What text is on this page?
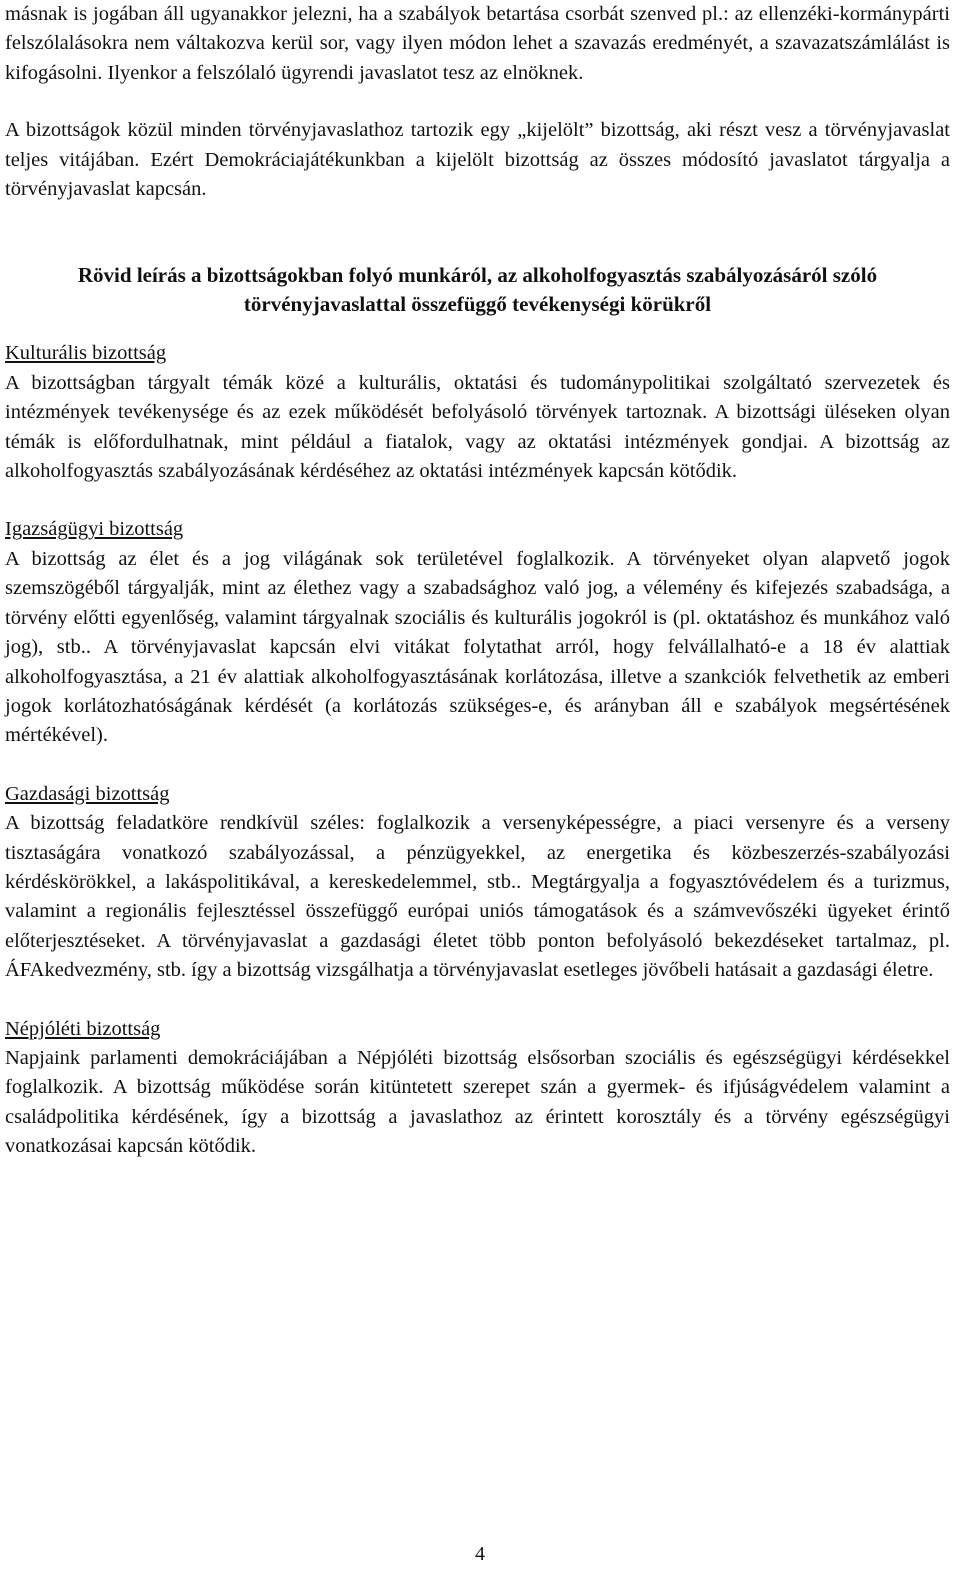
másnak is jogában áll ugyanakkor jelezni, ha a szabályok betartása csorbát szenved pl.: az ellenzéki-kormánypárti felszólalásokra nem váltakozva kerül sor, vagy ilyen módon lehet a szavazás eredményét, a szavazatszámlálást is kifogásolni. Ilyenkor a felszólaló ügyrendi javaslatot tesz az elnöknek.

A bizottságok közül minden törvényjavaslathoz tartozik egy „kijelölt” bizottság, aki részt vesz a törvényjavaslat teljes vitájában. Ezért Demokráciajátékunkban a kijelölt bizottság az összes módosító javaslatot tárgyalja a törvényjavaslat kapcsán.

Rövid leírás a bizottságokban folyó munkáról, az alkoholfogyasztás szabályozásáról szóló törvényjavaslattal összefüggő tevékenységi körükről
Kulturális bizottság

A bizottságban tárgyalt témák közé a kulturális, oktatási és tudománypolitikai szolgáltató szervezetek és intézmények tevékenysége és az ezek működését befolyásoló törvények tartoznak. A bizottsági üléseken olyan témák is előfordulhatnak, mint például a fiatalok, vagy az oktatási intézmények gondjai. A bizottság az alkoholfogyasztás szabályozásának kérdéséhez az oktatási intézmények kapcsán kötődik.

Igazságügyi bizottság

A bizottság az élet és a jog világának sok területével foglalkozik. A törvényeket olyan alapvető jogok szemszögéből tárgyalják, mint az élethez vagy a szabadsághoz való jog, a vélemény és kifejezés szabadsága, a törvény előtti egyenlőség, valamint tárgyalnak szociális és kulturális jogokról is (pl. oktatáshoz és munkához való jog), stb.. A törvényjavaslat kapcsán elvi vitákat folytathat arról, hogy felvállalható-e a 18 év alattiak alkoholfogyasztása, a 21 év alattiak alkoholfogyasztásának korlátozása, illetve a szankciók felvethetik az emberi jogok korlátozhatóságának kérdését (a korlátozás szükséges-e, és arányban áll e szabályok megsértésének mértékével).

Gazdasági bizottság

A bizottság feladatköre rendkívül széles: foglalkozik a versenyképességre, a piaci versenyre és a verseny tisztaságára vonatkozó szabályozással, a pénzügyekkel, az energetika és közbeszerzés-szabályozási kérdéskörökkel, a lakáspolitikával, a kereskedelemmel, stb.. Megtárgyalja a fogyasztóvédelem és a turizmus, valamint a regionális fejlesztéssel összefüggő európai uniós támogatások és a számvevőszéki ügyeket érintő előterjesztéseket. A törvényjavaslat a gazdasági életet több ponton befolyásoló bekezdéseket tartalmaz, pl. ÁFAkedvezmény, stb. így a bizottság vizsgálhatja a törvényjavaslat esetleges jövőbeli hatásait a gazdasági életre.

Népjóléti bizottság

Napjaink parlamenti demokráciájában a Népjóléti bizottság elsősorban szociális és egészségügyi kérdésekkel foglalkozik. A bizottság működése során kitüntetett szerepet szán a gyermek- és ifjúságvédelem valamint a családpolitika kérdésének, így a bizottság a javaslathoz az érintett korosztály és a törvény egészségügyi vonatkozásai kapcsán kötődik.

4
